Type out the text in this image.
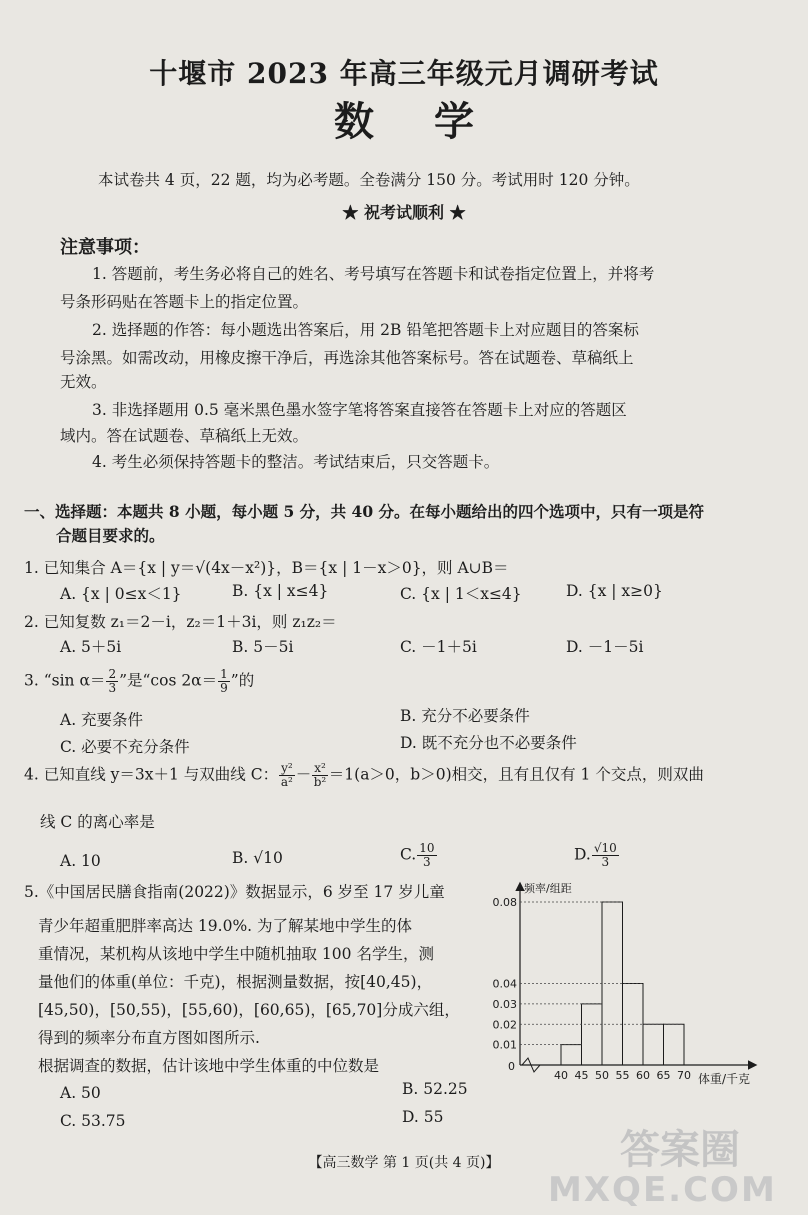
十堰市 2023 年高三年级元月调研考试
数学
本试卷共 4 页，22 题，均为必考题。全卷满分 150 分。考试用时 120 分钟。
★ 祝考试顺利 ★
注意事项：
1. 答题前，考生务必将自己的姓名、考号填写在答题卡和试卷指定位置上，并将考
号条形码贴在答题卡上的指定位置。
2. 选择题的作答：每小题选出答案后，用 2B 铅笔把答题卡上对应题目的答案标
号涂黑。如需改动，用橡皮擦干净后，再选涂其他答案标号。答在试题卷、草稿纸上
无效。
3. 非选择题用 0.5 毫米黑色墨水签字笔将答案直接答在答题卡上对应的答题区
域内。答在试题卷、草稿纸上无效。
4. 考生必须保持答题卡的整洁。考试结束后，只交答题卡。
一、选择题：本题共 8 小题，每小题 5 分，共 40 分。在每小题给出的四个选项中，只有一项是符
合题目要求的。
1. 已知集合 A＝{x | y＝√(4x－x²)}，B＝{x | 1－x＞0}，则 A∪B＝
A. {x | 0≤x＜1}	B. {x | x≤4}	C. {x | 1＜x≤4}	D. {x | x≥0}
2. 已知复数 z₁＝2－i，z₂＝1＋3i，则 z₁z₂＝
A. 5＋5i	B. 5－5i	C. －1＋5i	D. －1－5i
3. “sin $\alpha= \frac{2}{3}$ ”是“cos $2\alpha= \frac{1}{9}$ ”的
A. 充要条件	B. 充分不必要条件
C. 必要不充分条件	D. 既不充分也不必要条件
4. 已知直线 y＝3x＋1 与双曲线 C： $\frac{\text{y²}}{\text{a²}} - \frac{\text{x²}}{\text{b²}} =1(a>0$，b＞0)相交，且有且仅有 1 个交点，则双曲
线 C 的离心率是
A. 10	B. √10	C. $\frac{10}{3}$	D. $\frac{√10}{3}$
5.《中国居民膳食指南(2022)》数据显示，6 岁至 17 岁儿童
青少年超重肥胖率高达 19.0%. 为了解某地中学生的体
重情况，某机构从该地中学生中随机抽取 100 名学生，测
量他们的体重(单位：千克)，根据测量数据，按[40,45)，
[45,50)，[50,55)，[55,60)，[60,65)，[65,70]分成六组，
得到的频率分布直方图如图所示.
根据调查的数据，估计该地中学生体重的中位数是
A. 50	B. 52.25
C. 53.75	D. 55
频率/组距
体重/千克
0
0.01
0.02
0.03
0.04
0.08
40 45 50 55 60 65 70
【高三数学 第 1 页(共 4 页)】	答案圈
MXQE.COM
